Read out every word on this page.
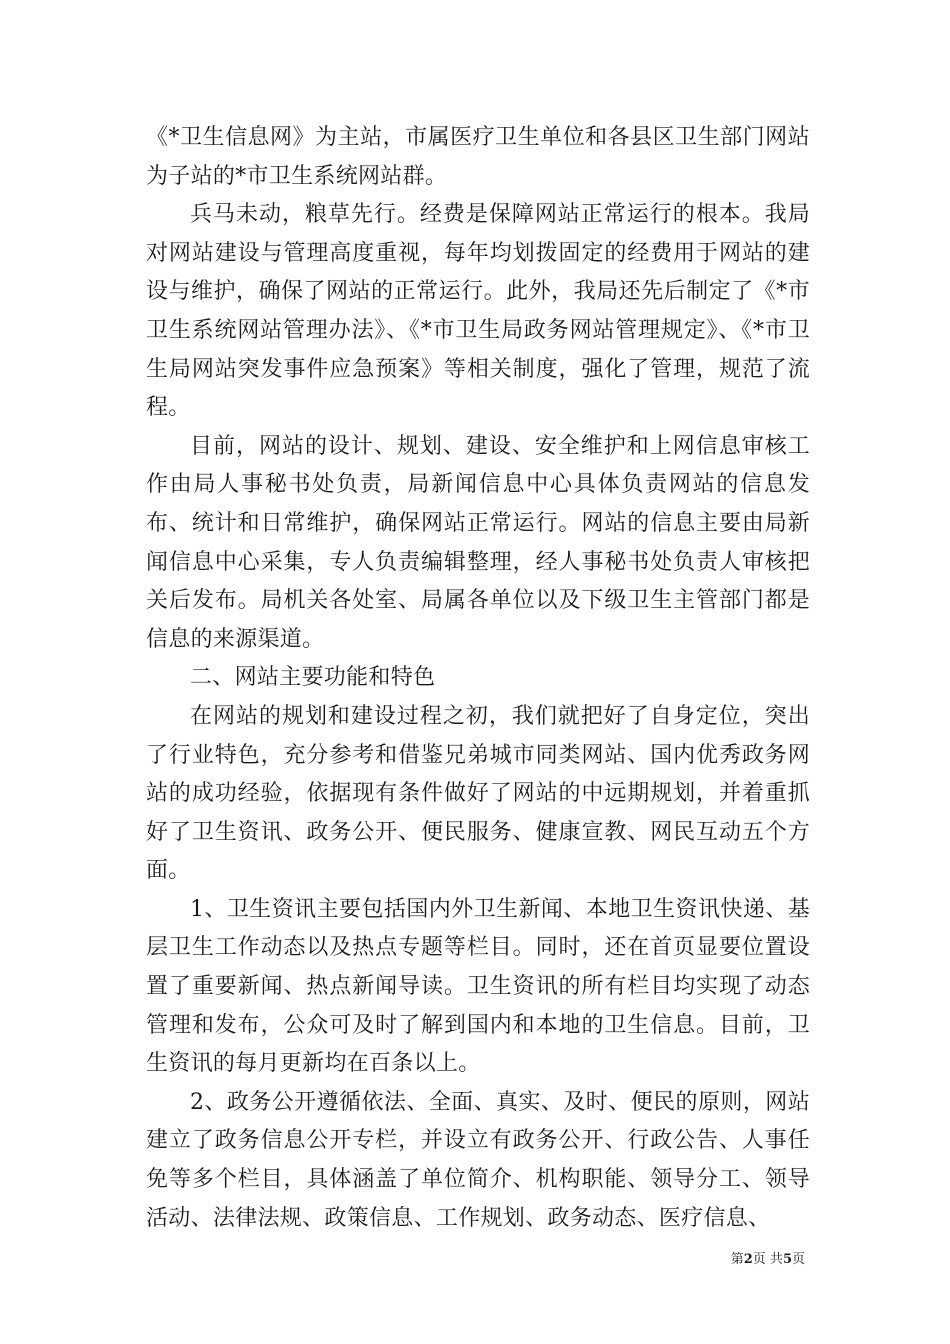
《*卫生信息网》为主站，市属医疗卫生单位和各县区卫生部门网站为子站的*市卫生系统网站群。

兵马未动，粮草先行。经费是保障网站正常运行的根本。我局对网站建设与管理高度重视，每年均划拨固定的经费用于网站的建设与维护，确保了网站的正常运行。此外，我局还先后制定了《*市卫生系统网站管理办法》、《*市卫生局政务网站管理规定》、《*市卫生局网站突发事件应急预案》等相关制度，强化了管理，规范了流程。

目前，网站的设计、规划、建设、安全维护和上网信息审核工作由局人事秘书处负责，局新闻信息中心具体负责网站的信息发布、统计和日常维护，确保网站正常运行。网站的信息主要由局新闻信息中心采集，专人负责编辑整理，经人事秘书处负责人审核把关后发布。局机关各处室、局属各单位以及下级卫生主管部门都是信息的来源渠道。

二、网站主要功能和特色

在网站的规划和建设过程之初，我们就把好了自身定位，突出了行业特色，充分参考和借鉴兄弟城市同类网站、国内优秀政务网站的成功经验，依据现有条件做好了网站的中远期规划，并着重抓好了卫生资讯、政务公开、便民服务、健康宣教、网民互动五个方面。

1、卫生资讯主要包括国内外卫生新闻、本地卫生资讯快递、基层卫生工作动态以及热点专题等栏目。同时，还在首页显要位置设置了重要新闻、热点新闻导读。卫生资讯的所有栏目均实现了动态管理和发布，公众可及时了解到国内和本地的卫生信息。目前，卫生资讯的每月更新均在百条以上。

2、政务公开遵循依法、全面、真实、及时、便民的原则，网站建立了政务信息公开专栏，并设立有政务公开、行政公告、人事任免等多个栏目，具体涵盖了单位简介、机构职能、领导分工、领导活动、法律法规、政策信息、工作规划、政务动态、医疗信息、

第2页 共5页
